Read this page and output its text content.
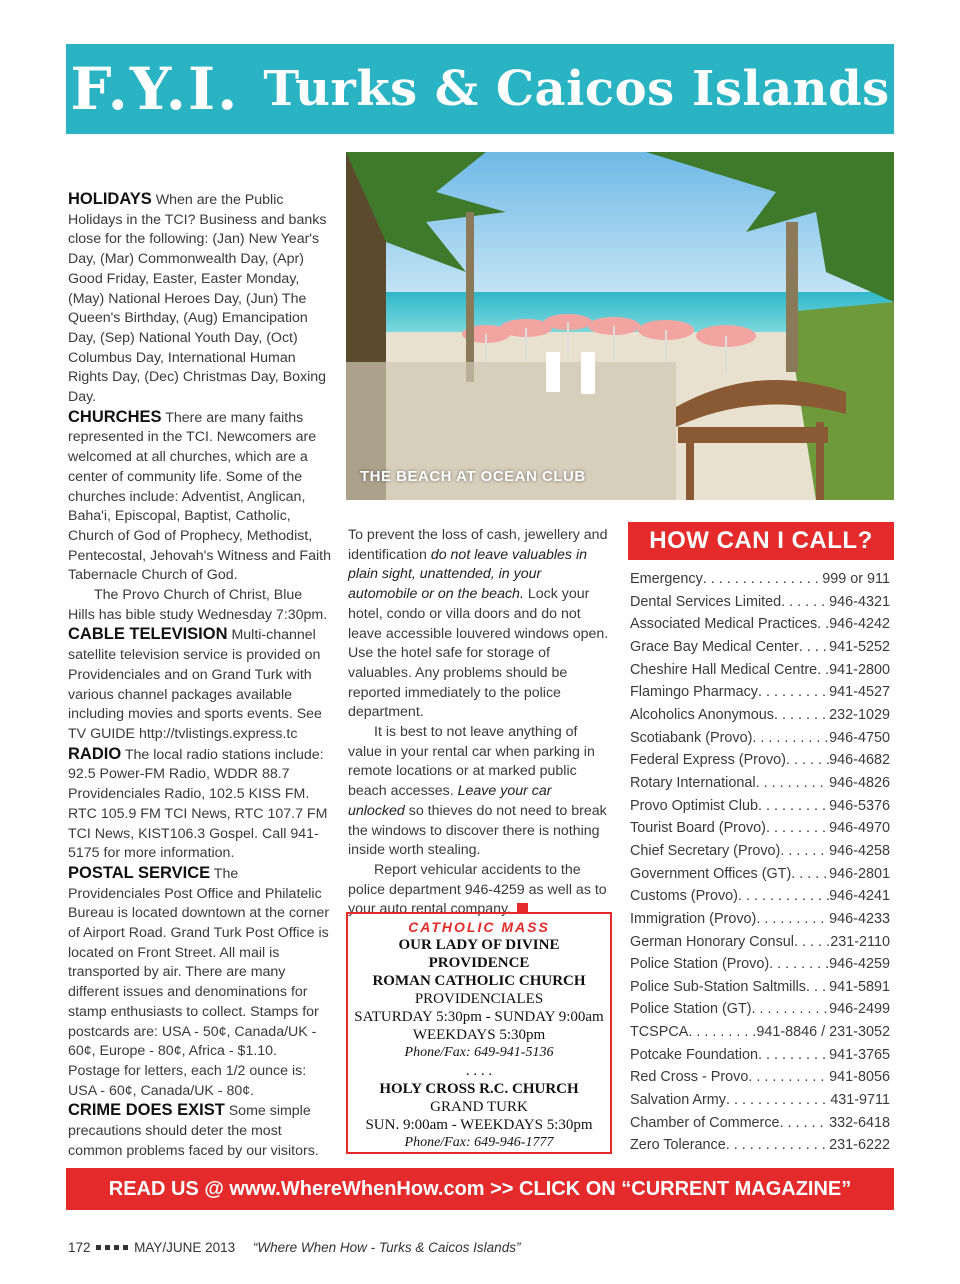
F.Y.I. Turks & Caicos Islands

HOLIDAYS When are the Public Holidays in the TCI? Business and banks close for the following: (Jan) New Year's Day, (Mar) Commonwealth Day, (Apr) Good Friday, Easter, Easter Monday, (May) National Heroes Day, (Jun) The Queen's Birthday, (Aug) Emancipation Day, (Sep) National Youth Day, (Oct) Columbus Day, International Human Rights Day, (Dec) Christmas Day, Boxing Day.

CHURCHES There are many faiths represented in the TCI. Newcomers are welcomed at all churches, which are a center of community life. Some of the churches include: Adventist, Anglican, Baha'i, Episcopal, Baptist, Catholic, Church of God of Prophecy, Methodist, Pentecostal, Jehovah's Witness and Faith Tabernacle Church of God.

The Provo Church of Christ, Blue Hills has bible study Wednesday 7:30pm.

CABLE TELEVISION Multi-channel satellite television service is provided on Providenciales and on Grand Turk with various channel packages available including movies and sports events. See TV GUIDE http://tvlistings.express.tc

RADIO The local radio stations include: 92.5 Power-FM Radio, WDDR 88.7 Providenciales Radio, 102.5 KISS FM. RTC 105.9 FM TCI News, RTC 107.7 FM TCI News, KIST106.3 Gospel. Call 941-5175 for more information.

POSTAL SERVICE The Providenciales Post Office and Philatelic Bureau is located downtown at the corner of Airport Road. Grand Turk Post Office is located on Front Street. All mail is transported by air. There are many different issues and denominations for stamp enthusiasts to collect. Stamps for postcards are: USA - 50¢, Canada/UK - 60¢, Europe - 80¢, Africa - $1.10. Postage for letters, each 1/2 ounce is: USA - 60¢, Canada/UK - 80¢.

CRIME DOES EXIST Some simple precautions should deter the most common problems faced by our visitors.

THE BEACH AT OCEAN CLUB

To prevent the loss of cash, jewellery and identification do not leave valuables in plain sight, unattended, in your automobile or on the beach. Lock your hotel, condo or villa doors and do not leave accessible louvered windows open. Use the hotel safe for storage of valuables. Any problems should be reported immediately to the police department.

It is best to not leave anything of value in your rental car when parking in remote locations or at marked public beach accesses. Leave your car unlocked so thieves do not need to break the windows to discover there is nothing inside worth stealing.

Report vehicular accidents to the police department 946-4259 as well as to your auto rental company.

CATHOLIC MASS
OUR LADY OF DIVINE
PROVIDENCE
ROMAN CATHOLIC CHURCH
PROVIDENCIALES
SATURDAY 5:30pm - SUNDAY 9:00am
WEEKDAYS 5:30pm
Phone/Fax: 649-941-5136
. . . .
HOLY CROSS R.C. CHURCH
GRAND TURK
SUN. 9:00am - WEEKDAYS 5:30pm
Phone/Fax: 649-946-1777
HOW CAN I CALL?
Emergency . . .	999 or 911
Dental Services Limited . . .	946-4321
Associated Medical Practices . . . 946-4242
Grace Bay Medical Center . . . 941-5252
Cheshire Hall Medical Centre . . . 941-2800
Flamingo Pharmacy . . .	941-4527
Alcoholics Anonymous . . .	232-1029
Scotiabank (Provo) . . .	946-4750
Federal Express (Provo) . . .	946-4682
Rotary International . . .	946-4826
Provo Optimist Club . . .	946-5376
Tourist Board (Provo) . . .	946-4970
Chief Secretary (Provo) . . .	946-4258
Government Offices (GT) . . .	946-2801
Customs (Provo) . . .	946-4241
Immigration (Provo) . . .	946-4233
German Honorary Consul . . .	231-2110
Police Station (Provo) . . .	946-4259
Police Sub-Station Saltmills . . . 941-5891
Police Station (GT) . . .	946-2499
TCSPCA . . .	941-8846 / 231-3052
Potcake Foundation . . .	941-3765
Red Cross - Provo . . .	941-8056
Salvation Army . . .	431-9711
Chamber of Commerce . . .	332-6418
Zero Tolerance . . .	231-6222
READ US @ www.WhereWhenHow.com >> CLICK ON “CURRENT MAGAZINE”
172	MAY/JUNE 2013 “Where When How - Turks & Caicos Islands”
